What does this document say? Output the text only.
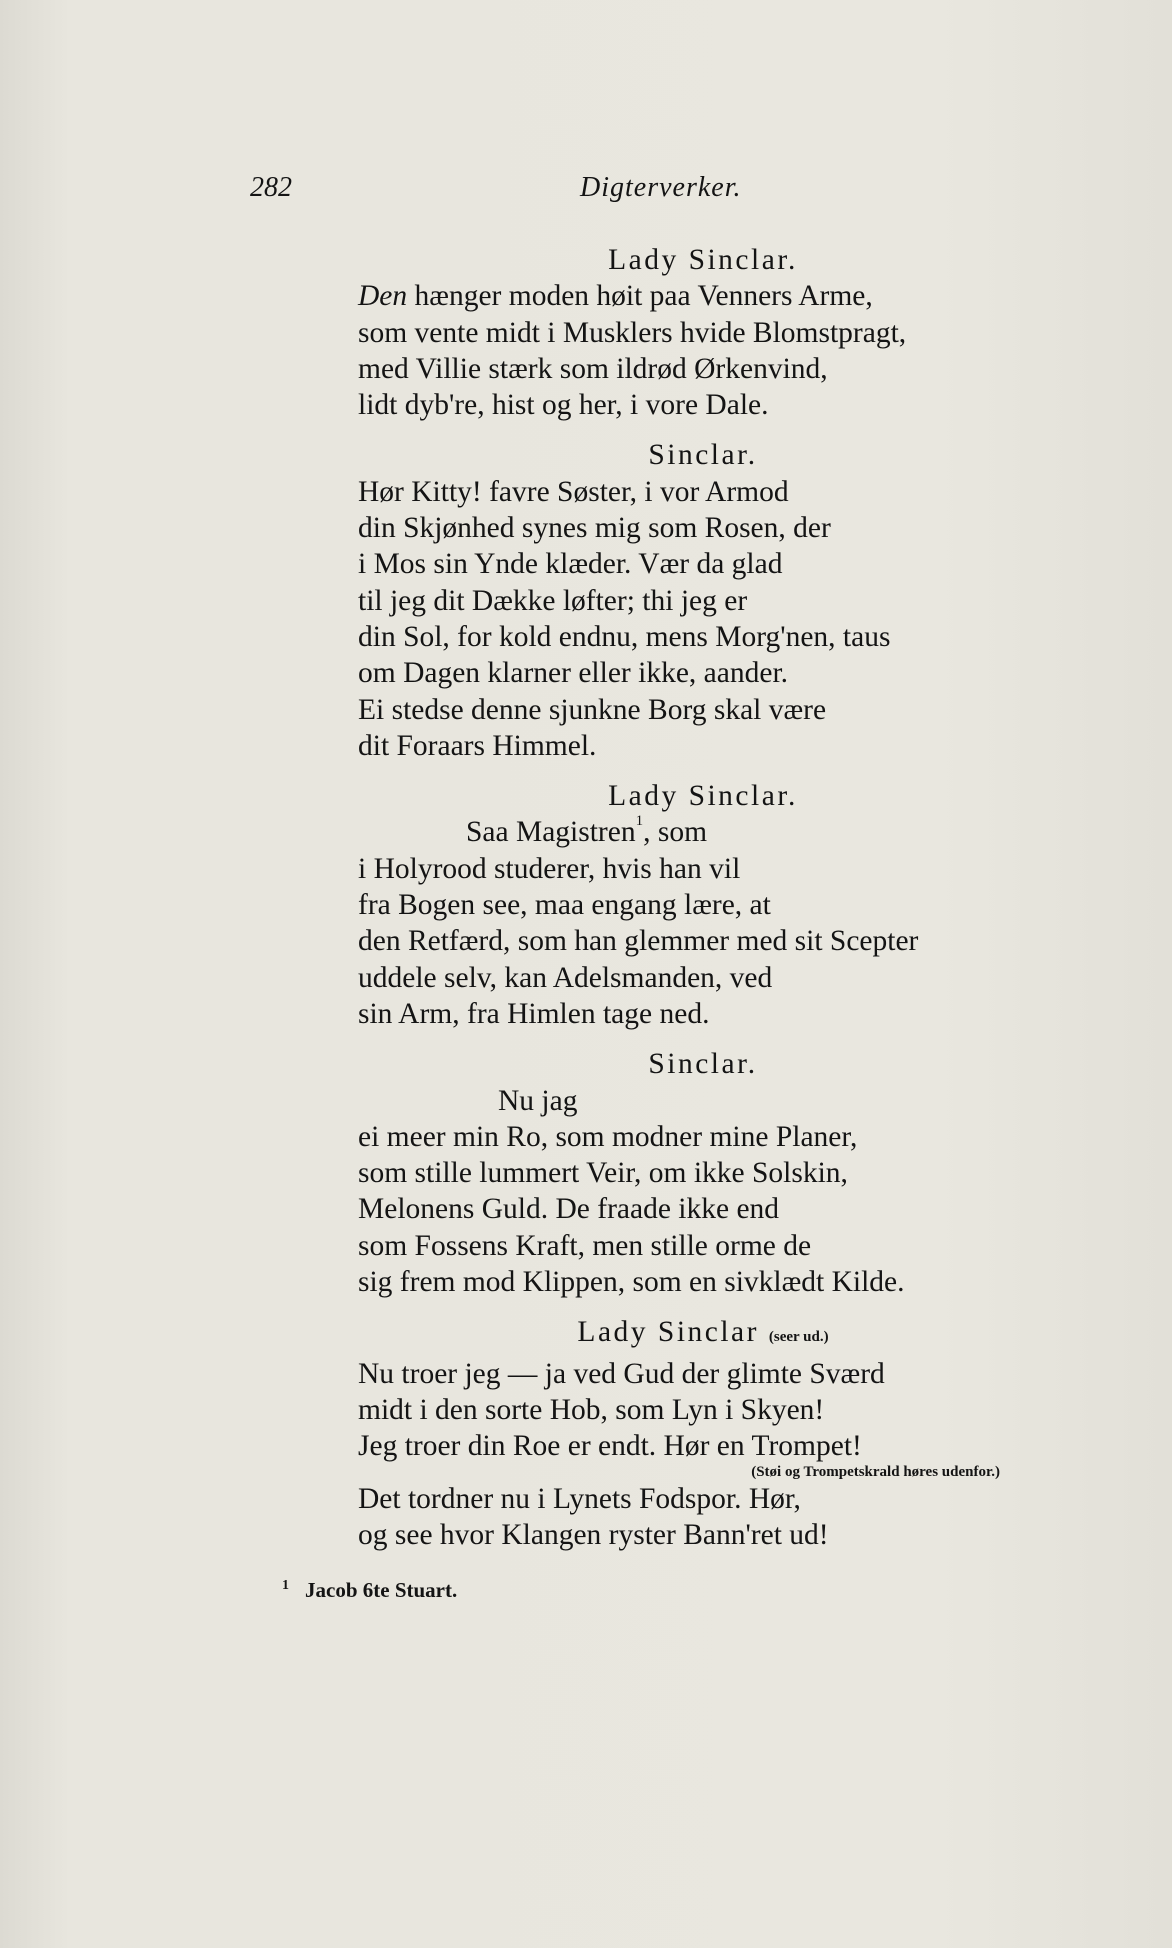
282	Digterverker.
Lady Sinclar.
Den hænger moden høit paa Venners Arme,
som vente midt i Musklers hvide Blomstpragt,
med Villie stærk som ildrød Ørkenvind,
lidt dyb're, hist og her, i vore Dale.
Sinclar.
Hør Kitty! favre Søster, i vor Armod
din Skjønhed synes mig som Rosen, der
i Mos sin Ynde klæder. Vær da glad
til jeg dit Dække løfter; thi jeg er
din Sol, for kold endnu, mens Morg'nen, taus
om Dagen klarner eller ikke, aander.
Ei stedse denne sjunkne Borg skal være
dit Foraars Himmel.
Lady Sinclar.
Saa Magistren$^1$, som
i Holyrood studerer, hvis han vil
fra Bogen see, maa engang lære, at
den Retfærd, som han glemmer med sit Scepter
uddele selv, kan Adelsmanden, ved
sin Arm, fra Himlen tage ned.
Sinclar.
Nu jag
ei meer min Ro, som modner mine Planer,
som stille lummert Veir, om ikke Solskin,
Melonens Guld. De fraade ikke end
som Fossens Kraft, men stille orme de
sig frem mod Klippen, som en sivklædt Kilde.
Lady Sinclar (seer ud.)
Nu troer jeg — ja ved Gud der glimte Sværd
midt i den sorte Hob, som Lyn i Skyen!
Jeg troer din Roe er endt. Hør en Trompet!
(Støi og Trompetskrald høres udenfor.)
Det tordner nu i Lynets Fodspor. Hør,
og see hvor Klangen ryster Bann'ret ud!
$^1$ Jacob 6te Stuart.
